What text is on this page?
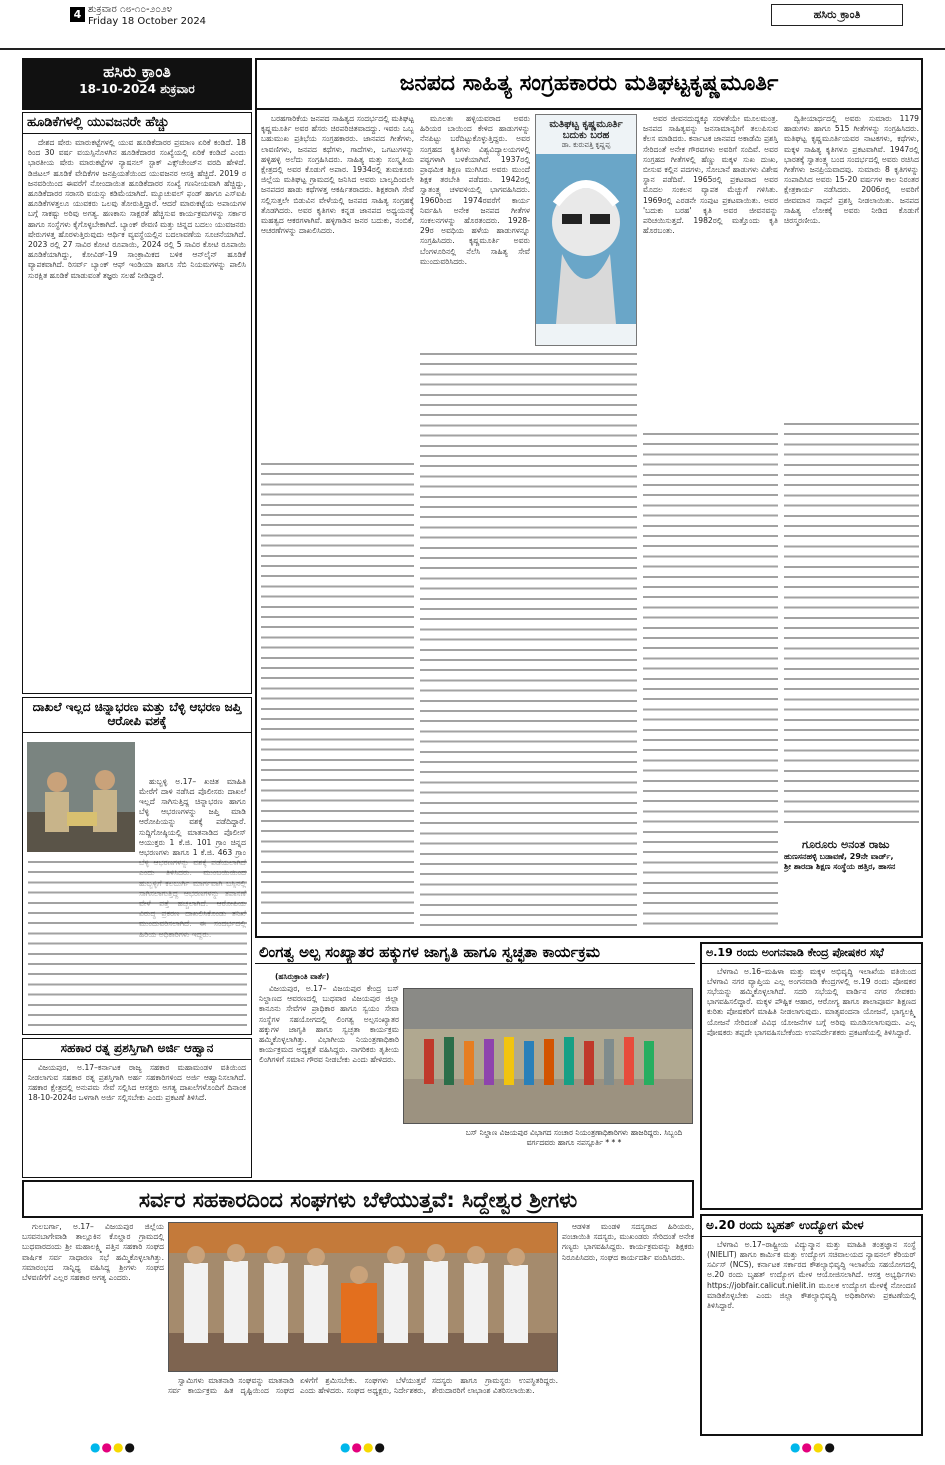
4 ಶುಕ್ರವಾರ ೧೮-೧೦-೨೦೨೪
Friday 18 October 2024
ಹಸಿರು ಕ್ರಾಂತಿ
ಹಸಿರು ಕ್ರಾಂತಿ
18-10-2024 ಶುಕ್ರವಾರ
ಹೂಡಿಕೆಗಳಲ್ಲಿ ಯುವಜನರೇ ಹೆಚ್ಚು

ದೇಶದ ಷೇರು ಮಾರುಕಟ್ಟೆಗಳಲ್ಲಿ ಯುವ ಹೂಡಿಕೆದಾರರ ಪ್ರಮಾಣ ಏರಿಕೆ ಕಂಡಿದೆ. 18 ರಿಂದ 30 ವರ್ಷ ವಯಸ್ಸಿನೊಳಗಿನ ಹೂಡಿಕೆದಾರರ ಸಂಖ್ಯೆಯಲ್ಲಿ ಏರಿಕೆ ಕಂಡಿದೆ ಎಂದು ಭಾರತೀಯ ಷೇರು ಮಾರುಕಟ್ಟೆಗಳ ನ್ಯಾಷನಲ್ ಸ್ಟಾಕ್ ಎಕ್ಸ್‌ಚೇಂಜ್‌ನ ವರದಿ ಹೇಳಿದೆ. ಡಿಜಿಟಲ್ ಹೂಡಿಕೆ ವೇದಿಕೆಗಳ ಜನಪ್ರಿಯತೆಯಿಂದ ಯುವಜನರ ಆಸಕ್ತಿ ಹೆಚ್ಚಿದೆ. 2019 ರ ಜನವರಿಯಿಂದ ಈವರೆಗೆ ನೋಂದಾಯಿತ ಹೂಡಿಕೆದಾರರ ಸಂಖ್ಯೆ ಗಣನೀಯವಾಗಿ ಹೆಚ್ಚಿದ್ದು, ಹೂಡಿಕೆದಾರರ ಸರಾಸರಿ ವಯಸ್ಸು ಕಡಿಮೆಯಾಗಿದೆ. ಮ್ಯೂಚುವಲ್ ಫಂಡ್ ಹಾಗೂ ಎಸ್‌ಐಪಿ ಹೂಡಿಕೆಗಳತ್ತಲೂ ಯುವಕರು ಒಲವು ತೋರುತ್ತಿದ್ದಾರೆ. ಆದರೆ ಮಾರುಕಟ್ಟೆಯ ಅಪಾಯಗಳ ಬಗ್ಗೆ ಸಾಕಷ್ಟು ಅರಿವು ಅಗತ್ಯ. ಹಣಕಾಸು ಸಾಕ್ಷರತೆ ಹೆಚ್ಚಿಸುವ ಕಾರ್ಯಕ್ರಮಗಳನ್ನು ಸರ್ಕಾರ ಹಾಗೂ ಸಂಸ್ಥೆಗಳು ಕೈಗೊಳ್ಳಬೇಕಾಗಿದೆ. ಬ್ಯಾಂಕ್ ಠೇವಣಿ ಮತ್ತು ಚಿನ್ನದ ಬದಲು ಯುವಜನರು ಷೇರುಗಳತ್ತ ಹೊರಳುತ್ತಿರುವುದು ಆರ್ಥಿಕ ವ್ಯವಸ್ಥೆಯಲ್ಲಿನ ಬದಲಾವಣೆಯ ಸೂಚನೆಯಾಗಿದೆ. 2023 ರಲ್ಲಿ 27 ಸಾವಿರ ಕೋಟಿ ರೂಪಾಯಿ, 2024 ರಲ್ಲಿ 5 ಸಾವಿರ ಕೋಟಿ ರೂಪಾಯಿ ಹೂಡಿಕೆಯಾಗಿದ್ದು, ಕೋವಿಡ್-19 ಸಾಂಕ್ರಾಮಿಕದ ಬಳಿಕ ಆನ್‌ಲೈನ್ ಹೂಡಿಕೆ ವ್ಯಾಪಕವಾಗಿದೆ. ರಿಸರ್ವ್ ಬ್ಯಾಂಕ್ ಆಫ್ ಇಂಡಿಯಾ ಹಾಗೂ ಸೆಬಿ ನಿಯಮಗಳನ್ನು ಪಾಲಿಸಿ ಸುರಕ್ಷಿತ ಹೂಡಿಕೆ ಮಾಡುವಂತೆ ತಜ್ಞರು ಸಲಹೆ ನೀಡಿದ್ದಾರೆ.

ದಾಖಲೆ ಇಲ್ಲದ ಚಿನ್ನಾಭರಣ ಮತ್ತು ಬೆಳ್ಳಿ ಆಭರಣ ಜಪ್ತಿ ಆರೋಪಿ ವಶಕ್ಕೆ

ಹುಬ್ಬಳ್ಳಿ ಅ.17– ಖಚಿತ ಮಾಹಿತಿ ಮೇರೆಗೆ ದಾಳಿ ನಡೆಸಿದ ಪೊಲೀಸರು ದಾಖಲೆ ಇಲ್ಲದೆ ಸಾಗಿಸುತ್ತಿದ್ದ ಚಿನ್ನಾಭರಣ ಹಾಗೂ ಬೆಳ್ಳಿ ಆಭರಣಗಳನ್ನು ಜಪ್ತಿ ಮಾಡಿ ಆರೋಪಿಯನ್ನು ವಶಕ್ಕೆ ಪಡೆದಿದ್ದಾರೆ. ಸುದ್ದಿಗೋಷ್ಠಿಯಲ್ಲಿ ಮಾತನಾಡಿದ ಪೊಲೀಸ್ ಆಯುಕ್ತರು 1 ಕೆ.ಜಿ. 101 ಗ್ರಾಂ ಚಿನ್ನದ ಆಭರಣಗಳು ಹಾಗೂ 1 ಕೆ.ಜಿ. 463 ಗ್ರಾಂ

ಸಹಕಾರ ರತ್ನ ಪ್ರಶಸ್ತಿಗಾಗಿ ಅರ್ಜಿ ಆಹ್ವಾನ

ವಿಜಯಪುರ, ಅ.17–ಕರ್ನಾಟಕ ರಾಜ್ಯ ಸಹಕಾರ ಮಹಾಮಂಡಳ ವತಿಯಿಂದ ನೀಡಲಾಗುವ ಸಹಕಾರ ರತ್ನ ಪ್ರಶಸ್ತಿಗಾಗಿ ಅರ್ಹ ಸಹಕಾರಿಗಳಿಂದ ಅರ್ಜಿ ಆಹ್ವಾನಿಸಲಾಗಿದೆ. ಸಹಕಾರ ಕ್ಷೇತ್ರದಲ್ಲಿ ಅನುಪಮ ಸೇವೆ ಸಲ್ಲಿಸಿದ ಆಸಕ್ತರು ಅಗತ್ಯ ದಾಖಲೆಗಳೊಂದಿಗೆ ದಿನಾಂಕ 18-10-2024ರ ಒಳಗಾಗಿ ಅರ್ಜಿ ಸಲ್ಲಿಸಬೇಕು ಎಂದು ಪ್ರಕಟಣೆ ತಿಳಿಸಿದೆ.

ಜನಪದ ಸಾಹಿತ್ಯ ಸಂಗ್ರಹಕಾರರು ಮತಿಘಟ್ಟಕೃಷ್ಣಮೂರ್ತಿ

ಬರಹಗಾರಿಕೆಯ ಜನಪದ ಸಾಹಿತ್ಯದ ಸಂದರ್ಭದಲ್ಲಿ ಮತಿಘಟ್ಟ ಕೃಷ್ಣಮೂರ್ತಿ ಅವರ ಹೆಸರು ಚಿರಪರಿಚಿತವಾದದ್ದು. ಇವರು ಒಬ್ಬ ಬಹುಮುಖ ಪ್ರತಿಭೆಯ ಸಂಗ್ರಹಕಾರರು. ಜಾನಪದ ಗೀತೆಗಳು, ಲಾವಣಿಗಳು, ಜನಪದ ಕಥೆಗಳು, ಗಾದೆಗಳು, ಒಗಟುಗಳನ್ನು ಹಳ್ಳಿಹಳ್ಳಿ ಅಲೆದು ಸಂಗ್ರಹಿಸಿದರು. ಸಾಹಿತ್ಯ ಮತ್ತು ಸಂಸ್ಕೃತಿಯ ಕ್ಷೇತ್ರದಲ್ಲಿ ಅವರ ಕೊಡುಗೆ ಅಪಾರ. 1934ರಲ್ಲಿ ತುಮಕೂರು ಜಿಲ್ಲೆಯ ಮತಿಘಟ್ಟ ಗ್ರಾಮದಲ್ಲಿ ಜನಿಸಿದ ಅವರು ಬಾಲ್ಯದಿಂದಲೇ ಜನಪದರ ಹಾಡು ಕಥೆಗಳತ್ತ ಆಕರ್ಷಿತರಾದರು. ಶಿಕ್ಷಕರಾಗಿ ಸೇವೆ ಸಲ್ಲಿಸುತ್ತಲೇ ಬಿಡುವಿನ ವೇಳೆಯಲ್ಲಿ ಜನಪದ ಸಾಹಿತ್ಯ ಸಂಗ್ರಹಕ್ಕೆ ತೊಡಗಿದರು. ಅವರ ಕೃತಿಗಳು ಕನ್ನಡ ಜಾನಪದ ಅಧ್ಯಯನಕ್ಕೆ ಮಹತ್ವದ ಆಕರಗಳಾಗಿವೆ. ಹಳ್ಳಿಗಾಡಿನ ಜನರ ಬದುಕು, ನಂಬಿಕೆ, ಆಚರಣೆಗಳನ್ನು ದಾಖಲಿಸಿದರು.

ಮೂಲತಃ ಹಳ್ಳಿಯವರಾದ ಅವರು ಹಿರಿಯರ ಬಾಯಿಂದ ಕೇಳಿದ ಹಾಡುಗಳನ್ನು ನೆನಪಿಟ್ಟು ಬರೆದಿಟ್ಟುಕೊಳ್ಳುತ್ತಿದ್ದರು. ಅವರ ಸಂಗ್ರಹದ ಕೃತಿಗಳು ವಿಶ್ವವಿದ್ಯಾಲಯಗಳಲ್ಲಿ ಪಠ್ಯಗಳಾಗಿ ಬಳಕೆಯಾಗಿವೆ. 1937ರಲ್ಲಿ ಪ್ರಾಥಮಿಕ ಶಿಕ್ಷಣ ಮುಗಿಸಿದ ಅವರು ಮುಂದೆ ಶಿಕ್ಷಕ ತರಬೇತಿ ಪಡೆದರು. 1942ರಲ್ಲಿ ಸ್ವಾತಂತ್ರ್ಯ ಚಳವಳಿಯಲ್ಲಿ ಭಾಗವಹಿಸಿದರು. 1960ರಿಂದ 1974ರವರೆಗೆ ಕಾರ್ಯ ನಿರ್ವಹಿಸಿ ಅನೇಕ ಜನಪದ ಗೀತೆಗಳ ಸಂಕಲನಗಳನ್ನು ಹೊರತಂದರು. 1928-29ರ ಅವಧಿಯ ಹಳೆಯ ಹಾಡುಗಳನ್ನೂ ಸಂಗ್ರಹಿಸಿದರು. ಕೃಷ್ಣಮೂರ್ತಿ ಅವರು ಬೆಂಗಳೂರಿನಲ್ಲಿ ನೆಲೆಸಿ ಸಾಹಿತ್ಯ ಸೇವೆ ಮುಂದುವರಿಸಿದರು.

ಮತಿಘಟ್ಟ ಕೃಷ್ಣಮೂರ್ತಿ ಬದುಕು ಬರಹ
ಡಾ. ಕುರುವತ್ತಿ ಕೃಷ್ಣಪ್ಪ

ಅವರ ಜೀವನದುದ್ದಕ್ಕೂ ಸರಳತೆಯೇ ಮೂಲಮಂತ್ರ. ಜನಪದ ಸಾಹಿತ್ಯವನ್ನು ಜನಸಾಮಾನ್ಯರಿಗೆ ತಲುಪಿಸುವ ಕೆಲಸ ಮಾಡಿದರು. ಕರ್ನಾಟಕ ಜಾನಪದ ಅಕಾಡೆಮಿ ಪ್ರಶಸ್ತಿ ಸೇರಿದಂತೆ ಅನೇಕ ಗೌರವಗಳು ಅವರಿಗೆ ಸಂದಿವೆ. ಅವರ ಸಂಗ್ರಹದ ಗೀತೆಗಳಲ್ಲಿ ಹೆಣ್ಣು ಮಕ್ಕಳ ಸುಖ ದುಃಖ, ಬೀಸುವ ಕಲ್ಲಿನ ಪದಗಳು, ಸೋಬಾನೆ ಹಾಡುಗಳು ವಿಶೇಷ ಸ್ಥಾನ ಪಡೆದಿವೆ. 1965ರಲ್ಲಿ ಪ್ರಕಟವಾದ ಅವರ ಮೊದಲ ಸಂಕಲನ ವ್ಯಾಪಕ ಮೆಚ್ಚುಗೆ ಗಳಿಸಿತು. 1969ರಲ್ಲಿ ಎರಡನೇ ಸಂಪುಟ ಪ್ರಕಟವಾಯಿತು. ಅವರ 'ಬದುಕು ಬರಹ' ಕೃತಿ ಅವರ ಜೀವನವನ್ನು ಪರಿಚಯಿಸುತ್ತದೆ. 1982ರಲ್ಲಿ ಮತ್ತೊಂದು ಕೃತಿ ಹೊರಬಂತು.

ದ್ವಿತೀಯಾರ್ಧದಲ್ಲಿ ಅವರು ಸುಮಾರು 1179 ಹಾಡುಗಳು ಹಾಗೂ 515 ಗೀತೆಗಳನ್ನು ಸಂಗ್ರಹಿಸಿದರು. ಮತಿಘಟ್ಟ ಕೃಷ್ಣಮೂರ್ತಿಯವರ ನಾಟಕಗಳು, ಕಥೆಗಳು, ಮಕ್ಕಳ ಸಾಹಿತ್ಯ ಕೃತಿಗಳೂ ಪ್ರಕಟವಾಗಿವೆ. 1947ರಲ್ಲಿ ಭಾರತಕ್ಕೆ ಸ್ವಾತಂತ್ರ್ಯ ಬಂದ ಸಂದರ್ಭದಲ್ಲಿ ಅವರು ರಚಿಸಿದ ಗೀತೆಗಳು ಜನಪ್ರಿಯವಾದವು. ಸುಮಾರು 8 ಕೃತಿಗಳನ್ನು ಸಂಪಾದಿಸಿದ ಅವರು 15-20 ವರ್ಷಗಳ ಕಾಲ ನಿರಂತರ ಕ್ಷೇತ್ರಕಾರ್ಯ ನಡೆಸಿದರು. 2006ರಲ್ಲಿ ಅವರಿಗೆ ಜೀವಮಾನ ಸಾಧನೆ ಪ್ರಶಸ್ತಿ ನೀಡಲಾಯಿತು. ಜನಪದ ಸಾಹಿತ್ಯ ಲೋಕಕ್ಕೆ ಅವರು ನೀಡಿದ ಕೊಡುಗೆ ಚಿರಸ್ಮರಣೀಯ.

ಗೂರೂರು ಅನಂತ ರಾಜು
ಹುಣಸನಹಳ್ಳಿ ಬಡಾವಣೆ, 29ನೇ ವಾರ್ಡ್,
ಶ್ರೀ ಶಾರದಾ ಶಿಕ್ಷಣ ಸಂಸ್ಥೆಯ ಹತ್ತಿರ, ಹಾಸನ
ಲಿಂಗತ್ವ ಅಲ್ಪ ಸಂಖ್ಯಾತರ ಹಕ್ಕುಗಳ ಜಾಗೃತಿ ಹಾಗೂ ಸ್ವಚ್ಛತಾ ಕಾರ್ಯಕ್ರಮ
(ಹಸಿರುಕ್ರಾಂತಿ ವಾರ್ತೆ)

ವಿಜಯಪುರ, ಅ.17– ವಿಜಯಪುರ ಕೇಂದ್ರ ಬಸ್ ನಿಲ್ದಾಣದ ಆವರಣದಲ್ಲಿ ಬುಧವಾರ ವಿಜಯಪುರ ಜಿಲ್ಲಾ ಕಾನೂನು ಸೇವೆಗಳ ಪ್ರಾಧಿಕಾರ ಹಾಗೂ ಸ್ವಯಂ ಸೇವಾ ಸಂಸ್ಥೆಗಳ ಸಹಯೋಗದಲ್ಲಿ ಲಿಂಗತ್ವ ಅಲ್ಪಸಂಖ್ಯಾತರ ಹಕ್ಕುಗಳ ಜಾಗೃತಿ ಹಾಗೂ ಸ್ವಚ್ಛತಾ ಕಾರ್ಯಕ್ರಮ ಹಮ್ಮಿಕೊಳ್ಳಲಾಗಿತ್ತು. ವಿಭಾಗೀಯ ನಿಯಂತ್ರಣಾಧಿಕಾರಿ ಕಾರ್ಯಕ್ರಮದ ಅಧ್ಯಕ್ಷತೆ ವಹಿಸಿದ್ದರು. ನಾಗರಿಕರು ತೃತೀಯ ಲಿಂಗಿಗಳಿಗೆ ಸಮಾನ ಗೌರವ ನೀಡಬೇಕು ಎಂದು ಹೇಳಿದರು.

ಬಸ್ ನಿಲ್ದಾಣ ವಿಜಯಪುರ ವಿಭಾಗದ ಸಂಚಾರ ನಿಯಂತ್ರಣಾಧಿಕಾರಿಗಳು ಹಾಜರಿದ್ದರು. ಸಿಬ್ಬಂದಿ ವರ್ಗದವರು ಹಾಗೂ ನಪಸ್ಪೂರ್ತಿ * * *
ಅ.19 ರಂದು ಅಂಗನವಾಡಿ ಕೇಂದ್ರ ಪೋಷಕರ ಸಭೆ

ಬೆಳಗಾವಿ ಅ.16–ಮಹಿಳಾ ಮತ್ತು ಮಕ್ಕಳ ಅಭಿವೃದ್ಧಿ ಇಲಾಖೆಯ ವತಿಯಿಂದ ಬೆಳಗಾವಿ ನಗರ ವ್ಯಾಪ್ತಿಯ ಎಲ್ಲ ಅಂಗನವಾಡಿ ಕೇಂದ್ರಗಳಲ್ಲಿ ಅ.19 ರಂದು ಪೋಷಕರ ಸಭೆಯನ್ನು ಹಮ್ಮಿಕೊಳ್ಳಲಾಗಿದೆ. ಸದರಿ ಸಭೆಯಲ್ಲಿ ವಾರ್ಡಿನ ನಗರ ಸೇವಕರು ಭಾಗವಹಿಸಲಿದ್ದಾರೆ. ಮಕ್ಕಳ ಪೌಷ್ಟಿಕ ಆಹಾರ, ಆರೋಗ್ಯ ಹಾಗೂ ಶಾಲಾಪೂರ್ವ ಶಿಕ್ಷಣದ ಕುರಿತು ಪೋಷಕರಿಗೆ ಮಾಹಿತಿ ನೀಡಲಾಗುವುದು. ಮಾತೃವಂದನಾ ಯೋಜನೆ, ಭಾಗ್ಯಲಕ್ಷ್ಮಿ ಯೋಜನೆ ಸೇರಿದಂತೆ ವಿವಿಧ ಯೋಜನೆಗಳ ಬಗ್ಗೆ ಅರಿವು ಮೂಡಿಸಲಾಗುವುದು. ಎಲ್ಲ ಪೋಷಕರು ತಪ್ಪದೇ ಭಾಗವಹಿಸಬೇಕೆಂದು ಉಪನಿರ್ದೇಶಕರು ಪ್ರಕಟಣೆಯಲ್ಲಿ ತಿಳಿಸಿದ್ದಾರೆ.

ಅ.20 ರಂದು ಬೃಹತ್ ಉದ್ಯೋಗ ಮೇಳ

ಬೆಳಗಾವಿ ಅ.17–ರಾಷ್ಟ್ರೀಯ ವಿದ್ಯುನ್ಮಾನ ಮತ್ತು ಮಾಹಿತಿ ತಂತ್ರಜ್ಞಾನ ಸಂಸ್ಥೆ (NIELIT) ಹಾಗೂ ಕಾರ್ಮಿಕ ಮತ್ತು ಉದ್ಯೋಗ ಸಚಿವಾಲಯದ ನ್ಯಾಷನಲ್ ಕೆರಿಯರ್ ಸರ್ವಿಸ್ (NCS), ಕರ್ನಾಟಕ ಸರ್ಕಾರದ ಕೌಶಲ್ಯಾಭಿವೃದ್ಧಿ ಇಲಾಖೆಯ ಸಹಯೋಗದಲ್ಲಿ ಅ.20 ರಂದು ಬೃಹತ್ ಉದ್ಯೋಗ ಮೇಳ ಆಯೋಜಿಸಲಾಗಿದೆ. ಆಸಕ್ತ ಅಭ್ಯರ್ಥಿಗಳು https://jobfair.calicut.nielit.in ಮೂಲಕ ಉದ್ಯೋಗ ಮೇಳಕ್ಕೆ ನೋಂದಣಿ ಮಾಡಿಕೊಳ್ಳಬೇಕು ಎಂದು ಜಿಲ್ಲಾ ಕೌಶಲ್ಯಾಭಿವೃದ್ಧಿ ಅಧಿಕಾರಿಗಳು ಪ್ರಕಟಣೆಯಲ್ಲಿ ತಿಳಿಸಿದ್ದಾರೆ.

ಸರ್ವರ ಸಹಕಾರದಿಂದ ಸಂಘಗಳು ಬೆಳೆಯುತ್ತವೆ: ಸಿದ್ದೇಶ್ವರ ಶ್ರೀಗಳು

ಗುಲಬರ್ಗಾ, ಅ.17– ವಿಜಯಪುರ ಜಿಲ್ಲೆಯ ಬಸವನಬಾಗೇವಾಡಿ ತಾಲ್ಲೂಕಿನ ಕೊಲ್ಹಾರ ಗ್ರಾಮದಲ್ಲಿ ಬುಧವಾರದಂದು ಶ್ರೀ ಮಹಾಲಕ್ಷ್ಮಿ ಪತ್ತಿನ ಸಹಕಾರಿ ಸಂಘದ ವಾರ್ಷಿಕ ಸರ್ವ ಸಾಧಾರಣ ಸಭೆ ಹಮ್ಮಿಕೊಳ್ಳಲಾಗಿತ್ತು. ಸಮಾರಂಭದ ಸಾನ್ನಿಧ್ಯ ವಹಿಸಿದ್ದ ಶ್ರೀಗಳು ಸಂಘದ ಬೆಳವಣಿಗೆಗೆ ಎಲ್ಲರ ಸಹಕಾರ ಅಗತ್ಯ ಎಂದರು.

ಸ್ವಾಮಿಗಳು ಮಾತನಾಡಿ ಸಂಘವನ್ನು ಮಾತನಾಡಿ ಸರ್ವ ಕಾರ್ಯಕ್ರಮ ಹಿತ ದೃಷ್ಟಿಯಿಂದ ಸಂಘದ ಏಳಿಗೆಗೆ ಶ್ರಮಿಸಬೇಕು. ಸಂಘಗಳು ಬೆಳೆಯುತ್ತವೆ ಎಂದು ಹೇಳಿದರು. ಸಂಘದ ಅಧ್ಯಕ್ಷರು, ನಿರ್ದೇಶಕರು, ಸದಸ್ಯರು ಹಾಗೂ ಗ್ರಾಮಸ್ಥರು ಉಪಸ್ಥಿತರಿದ್ದರು. ಶೇರುದಾರರಿಗೆ ಲಾಭಾಂಶ ವಿತರಿಸಲಾಯಿತು.

ಆಡಳಿತ ಮಂಡಳಿ ಸದಸ್ಯರಾದ ಹಿರಿಯರು, ಪಂಚಾಯಿತಿ ಸದಸ್ಯರು, ಮುಖಂಡರು ಸೇರಿದಂತೆ ಅನೇಕ ಗಣ್ಯರು ಭಾಗವಹಿಸಿದ್ದರು. ಕಾರ್ಯಕ್ರಮವನ್ನು ಶಿಕ್ಷಕರು ನಿರೂಪಿಸಿದರು, ಸಂಘದ ಕಾರ್ಯದರ್ಶಿ ವಂದಿಸಿದರು.

●●●●	●●●●	●●●●
